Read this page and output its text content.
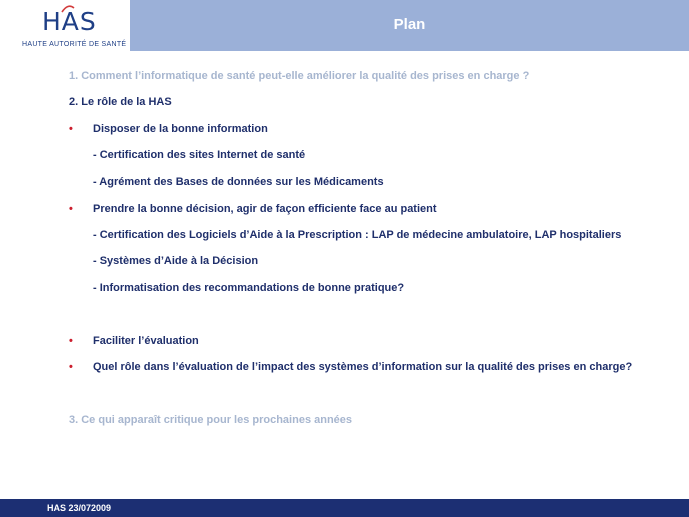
HAS
HAUTE AUTORITÉ DE SANTÉ
Plan
1. Comment l’informatique de santé peut-elle améliorer la qualité des prises en charge ?
2. Le rôle de la HAS
• Disposer de la bonne information
- Certification des sites Internet de santé
- Agrément des Bases de données sur les Médicaments
• Prendre la bonne décision, agir de façon efficiente face au patient
- Certification des Logiciels d’Aide à la Prescription : LAP de médecine ambulatoire, LAP hospitaliers
- Systèmes d’Aide à la Décision
- Informatisation des recommandations de bonne pratique?
• Faciliter l’évaluation
• Quel rôle dans l’évaluation de l’impact des systèmes d’information sur la qualité des prises en charge?
3. Ce qui apparaît critique pour les prochaines années
HAS 23/072009
